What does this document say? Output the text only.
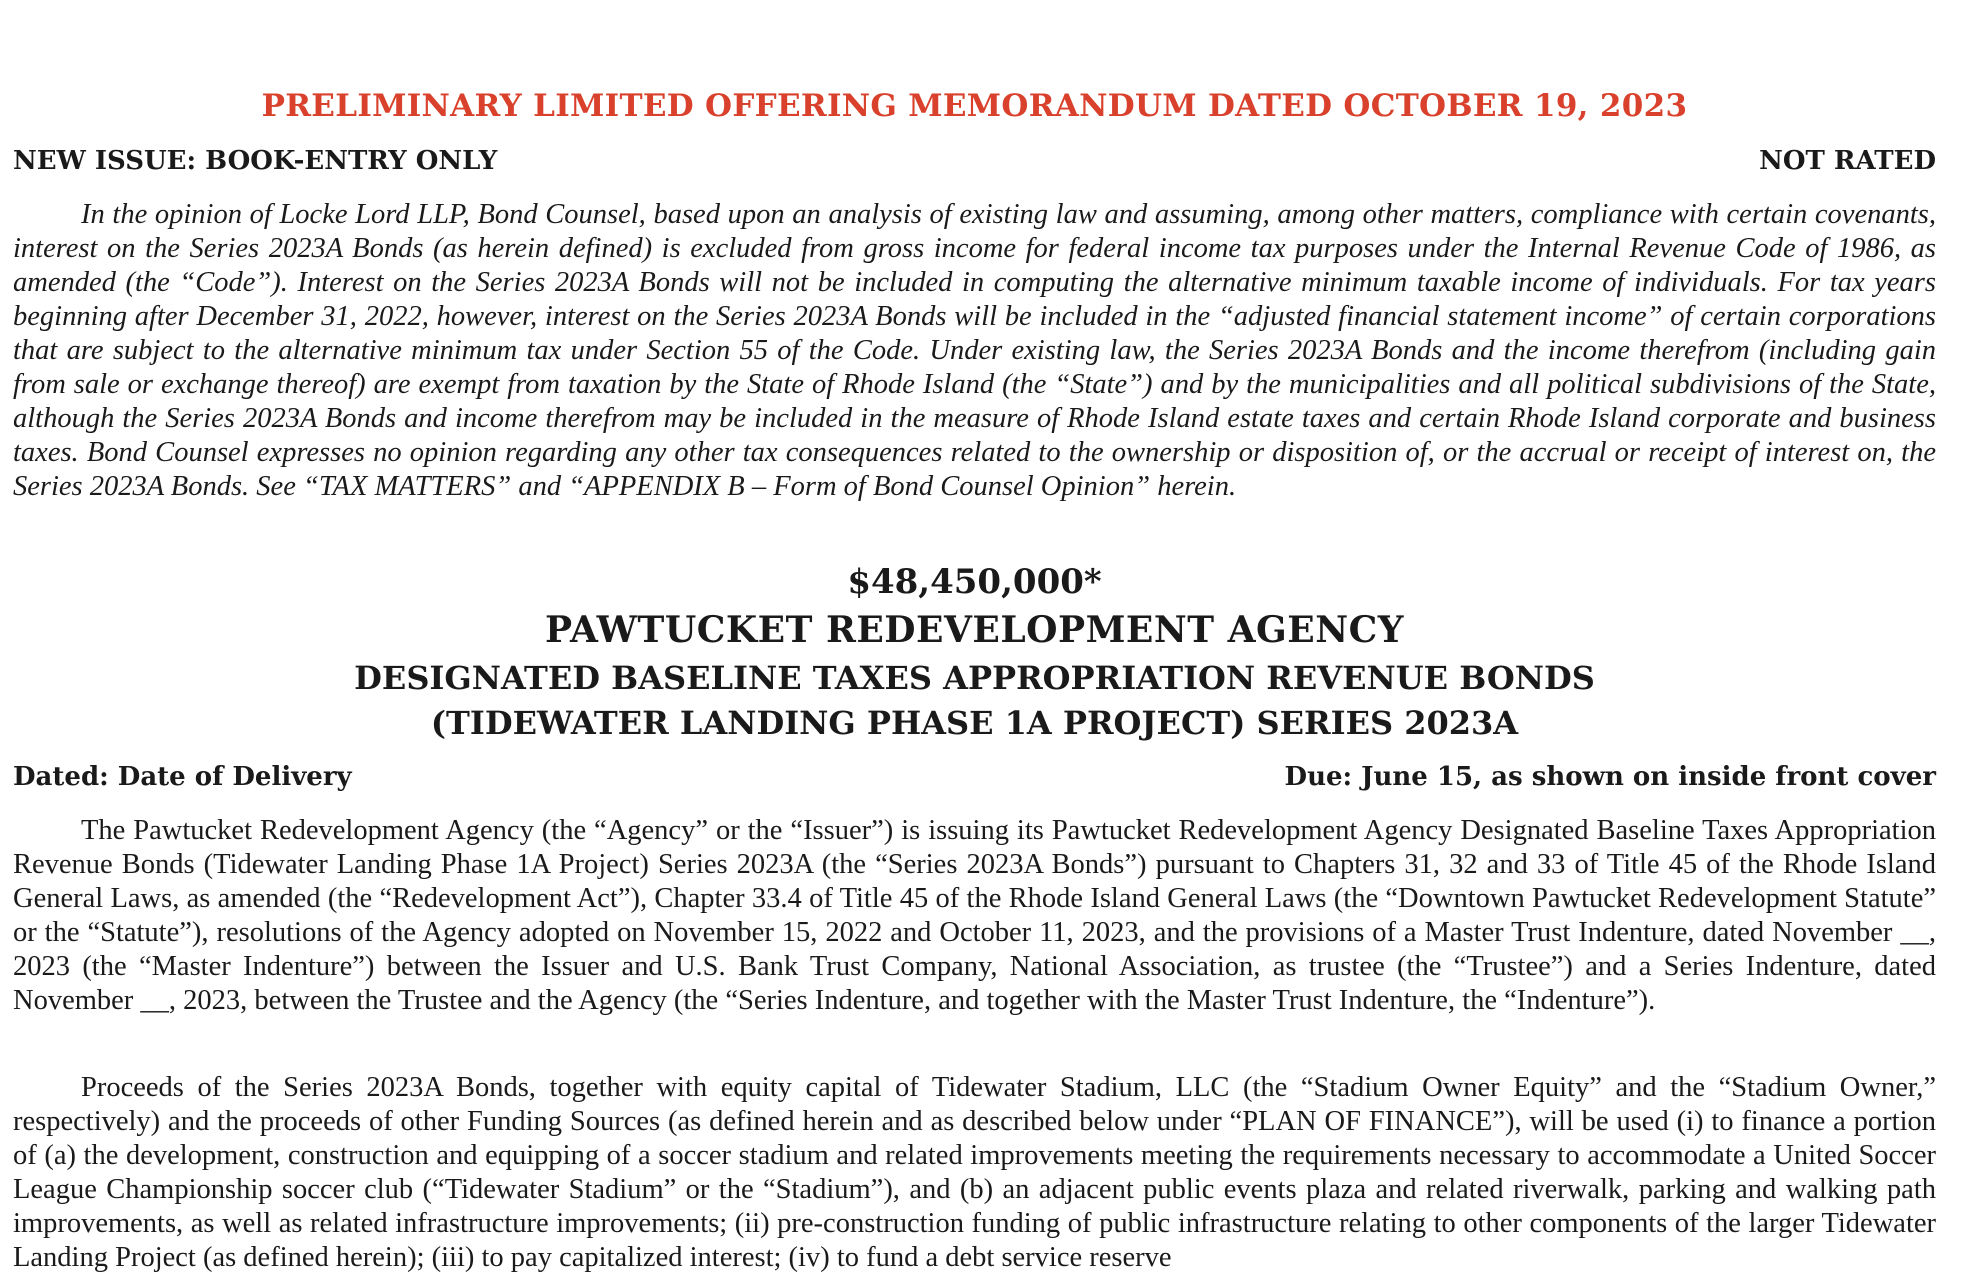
PRELIMINARY LIMITED OFFERING MEMORANDUM DATED OCTOBER 19, 2023
NEW ISSUE: BOOK-ENTRY ONLY	NOT RATED

In the opinion of Locke Lord LLP, Bond Counsel, based upon an analysis of existing law and assuming, among other matters, compliance with certain covenants, interest on the Series 2023A Bonds (as herein defined) is excluded from gross income for federal income tax purposes under the Internal Revenue Code of 1986, as amended (the “Code”). Interest on the Series 2023A Bonds will not be included in computing the alternative minimum taxable income of individuals. For tax years beginning after December 31, 2022, however, interest on the Series 2023A Bonds will be included in the “adjusted financial statement income” of certain corporations that are subject to the alternative minimum tax under Section 55 of the Code. Under existing law, the Series 2023A Bonds and the income therefrom (including gain from sale or exchange thereof) are exempt from taxation by the State of Rhode Island (the “State”) and by the municipalities and all political subdivisions of the State, although the Series 2023A Bonds and income therefrom may be included in the measure of Rhode Island estate taxes and certain Rhode Island corporate and business taxes. Bond Counsel expresses no opinion regarding any other tax consequences related to the ownership or disposition of, or the accrual or receipt of interest on, the Series 2023A Bonds. See “TAX MATTERS” and “APPENDIX B – Form of Bond Counsel Opinion” herein.

$48,450,000*
PAWTUCKET REDEVELOPMENT AGENCY
DESIGNATED BASELINE TAXES APPROPRIATION REVENUE BONDS
(TIDEWATER LANDING PHASE 1A PROJECT) SERIES 2023A
Dated: Date of Delivery	Due: June 15, as shown on inside front cover

The Pawtucket Redevelopment Agency (the “Agency” or the “Issuer”) is issuing its Pawtucket Redevelopment Agency Designated Baseline Taxes Appropriation Revenue Bonds (Tidewater Landing Phase 1A Project) Series 2023A (the “Series 2023A Bonds”) pursuant to Chapters 31, 32 and 33 of Title 45 of the Rhode Island General Laws, as amended (the “Redevelopment Act”), Chapter 33.4 of Title 45 of the Rhode Island General Laws (the “Downtown Pawtucket Redevelopment Statute” or the “Statute”), resolutions of the Agency adopted on November 15, 2022 and October 11, 2023, and the provisions of a Master Trust Indenture, dated November __, 2023 (the “Master Indenture”) between the Issuer and U.S. Bank Trust Company, National Association, as trustee (the “Trustee”) and a Series Indenture, dated November __, 2023, between the Trustee and the Agency (the “Series Indenture, and together with the Master Trust Indenture, the “Indenture”).

Proceeds of the Series 2023A Bonds, together with equity capital of Tidewater Stadium, LLC (the “Stadium Owner Equity” and the “Stadium Owner,” respectively) and the proceeds of other Funding Sources (as defined herein and as described below under “PLAN OF FINANCE”), will be used (i) to finance a portion of (a) the development, construction and equipping of a soccer stadium and related improvements meeting the requirements necessary to accommodate a United Soccer League Championship soccer club (“Tidewater Stadium” or the “Stadium”), and (b) an adjacent public events plaza and related riverwalk, parking and walking path improvements, as well as related infrastructure improvements; (ii) pre-construction funding of public infrastructure relating to other components of the larger Tidewater Landing Project (as defined herein); (iii) to pay capitalized interest; (iv) to fund a debt service reserve
